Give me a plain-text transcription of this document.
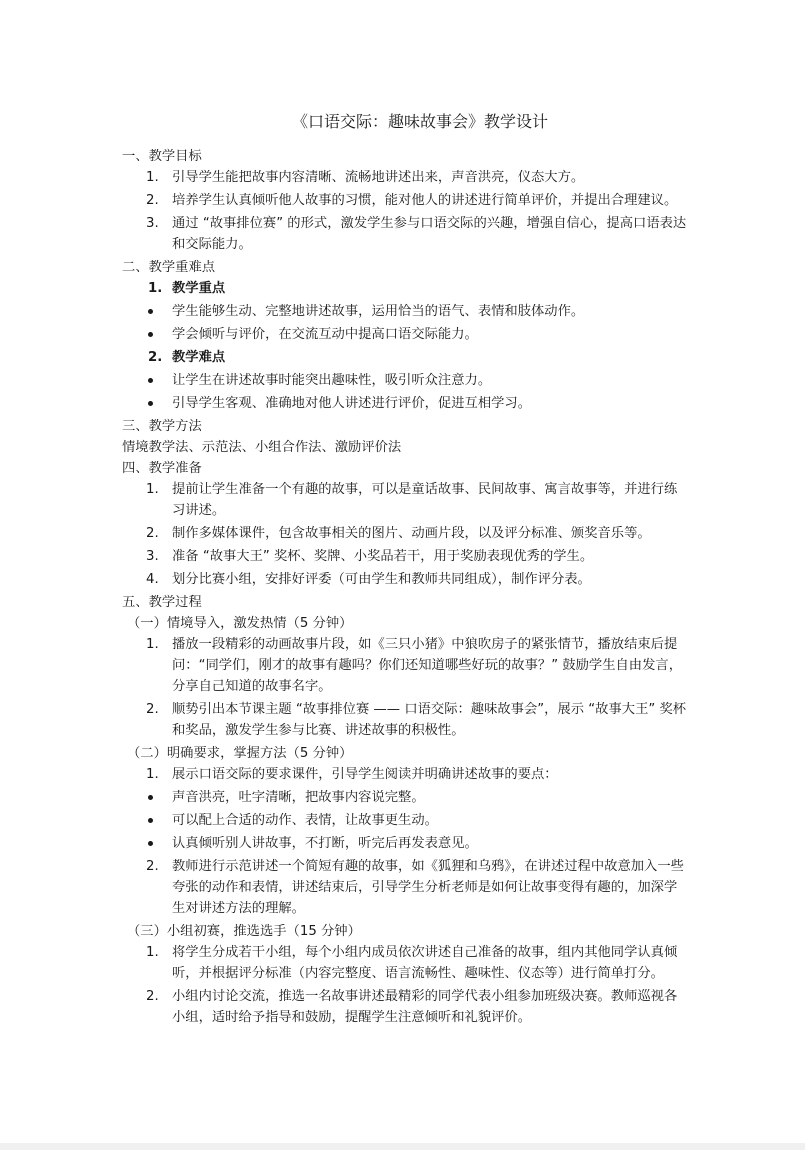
《口语交际：趣味故事会》教学设计
一、教学目标
1.	引导学生能把故事内容清晰、流畅地讲述出来，声音洪亮，仪态大方。
2.	培养学生认真倾听他人故事的习惯，能对他人的讲述进行简单评价，并提出合理建议。
3.	通过 “故事排位赛” 的形式，激发学生参与口语交际的兴趣，增强自信心，提高口语表达和交际能力。
二、教学重难点
1. 教学重点
学生能够生动、完整地讲述故事，运用恰当的语气、表情和肢体动作。
学会倾听与评价，在交流互动中提高口语交际能力。
2. 教学难点
让学生在讲述故事时能突出趣味性，吸引听众注意力。
引导学生客观、准确地对他人讲述进行评价，促进互相学习。
三、教学方法
情境教学法、示范法、小组合作法、激励评价法
四、教学准备
1.	提前让学生准备一个有趣的故事，可以是童话故事、民间故事、寓言故事等，并进行练习讲述。
2.	制作多媒体课件，包含故事相关的图片、动画片段，以及评分标准、颁奖音乐等。
3.	准备 “故事大王” 奖杯、奖牌、小奖品若干，用于奖励表现优秀的学生。
4.	划分比赛小组，安排好评委（可由学生和教师共同组成），制作评分表。
五、教学过程
（一）情境导入，激发热情（5 分钟）
1.	播放一段精彩的动画故事片段，如《三只小猪》中狼吹房子的紧张情节，播放结束后提问：“同学们，刚才的故事有趣吗？你们还知道哪些好玩的故事？” 鼓励学生自由发言，分享自己知道的故事名字。
2.	顺势引出本节课主题 “故事排位赛 —— 口语交际：趣味故事会”，展示 “故事大王” 奖杯和奖品，激发学生参与比赛、讲述故事的积极性。
（二）明确要求，掌握方法（5 分钟）
1.	展示口语交际的要求课件，引导学生阅读并明确讲述故事的要点：
声音洪亮，吐字清晰，把故事内容说完整。
可以配上合适的动作、表情，让故事更生动。
认真倾听别人讲故事，不打断，听完后再发表意见。
2.	教师进行示范讲述一个简短有趣的故事，如《狐狸和乌鸦》，在讲述过程中故意加入一些夸张的动作和表情，讲述结束后，引导学生分析老师是如何让故事变得有趣的，加深学生对讲述方法的理解。
（三）小组初赛，推选选手（15 分钟）
1.	将学生分成若干小组，每个小组内成员依次讲述自己准备的故事，组内其他同学认真倾听，并根据评分标准（内容完整度、语言流畅性、趣味性、仪态等）进行简单打分。
2.	小组内讨论交流，推选一名故事讲述最精彩的同学代表小组参加班级决赛。教师巡视各小组，适时给予指导和鼓励，提醒学生注意倾听和礼貌评价。
